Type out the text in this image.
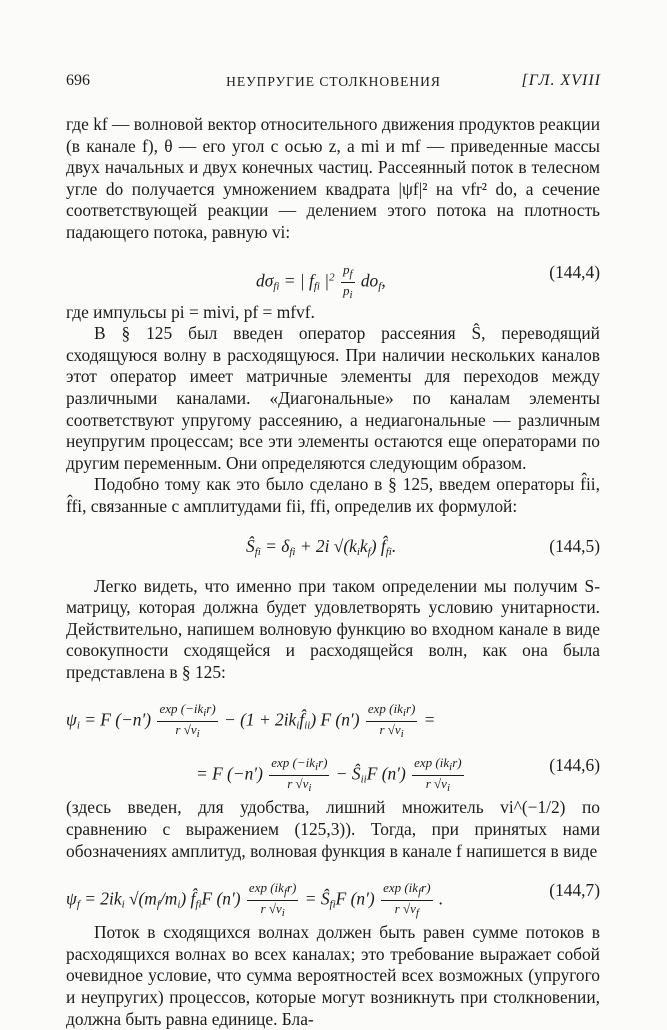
696	НЕУПРУГИЕ СТОЛКНОВЕНИЯ	[ГЛ. XVIII

где kf — волновой вектор относительного движения продуктов реакции (в канале f), θ — его угол с осью z, а mi и mf — приведенные массы двух начальных и двух конечных частиц. Рассеянный поток в телесном угле do получается умножением квадрата |ψf|² на vfr² do, а сечение соответствующей реакции — делением этого потока на плотность падающего потока, равную vi:

$d\sigma_{fi}$ = | $f_{fi}$ $|^2 \frac{p_f}{p_i} do_f$,	(144,4)

где импульсы pi = mivi, pf = mfvf.

В § 125 был введен оператор рассеяния Ŝ, переводящий сходящуюся волну в расходящуюся. При наличии нескольких каналов этот оператор имеет матричные элементы для переходов между различными каналами. «Диагональные» по каналам элементы соответствуют упругому рассеянию, а недиагональные — различным неупругим процессам; все эти элементы остаются еще операторами по другим переменным. Они определяются следующим образом.

Подобно тому как это было сделано в § 125, введем операторы f̂ii, f̂fi, связанные с амплитудами fii, ffi, определив их формулой:

$Ŝ_{fi} = \delta_{fi} + 2i$ $√(k_ik_f)$ $f̂_{fi}$.	(144,5)

Легко видеть, что именно при таком определении мы получим S-матрицу, которая должна будет удовлетворять условию унитарности. Действительно, напишем волновую функцию во входном канале в виде совокупности сходящейся и расходящейся волн, как она была представлена в § 125:

$\psi_i = F$ $(-n') \frac{\exp (-ik_ir)}{r √v_i} - (1$ + $2ik_if̂_{ii}$) F $(n') \frac{\exp (ik_ir)}{r √v_i}$ =
= F $(-n') \frac{\exp (-ik_ir)}{r √v_i}$ − $Ŝ_{ii}F$ $(n') \frac{\exp (ik_ir)}{r √v_i}$	(144,6)

(здесь введен, для удобства, лишний множитель vi^(−1/2) по сравнению с выражением (125,3)). Тогда, при принятых нами обозначениях амплитуд, волновая функция в канале f напишется в виде

$\psi_f = 2ik_i$ $√(m_f/m_i)$ $f̂_{fi}F$ $(n') \frac{\exp (ik_fr)}{r √v_i}$ = $Ŝ_{fi}F$ $(n') \frac{\exp (ik_fr)}{r √v_f}$ .	(144,7)

Поток в сходящихся волнах должен быть равен сумме потоков в расходящихся волнах во всех каналах; это требование выражает собой очевидное условие, что сумма вероятностей всех возможных (упругого и неупругих) процессов, которые могут возникнуть при столкновении, должна быть равна единице. Бла-
